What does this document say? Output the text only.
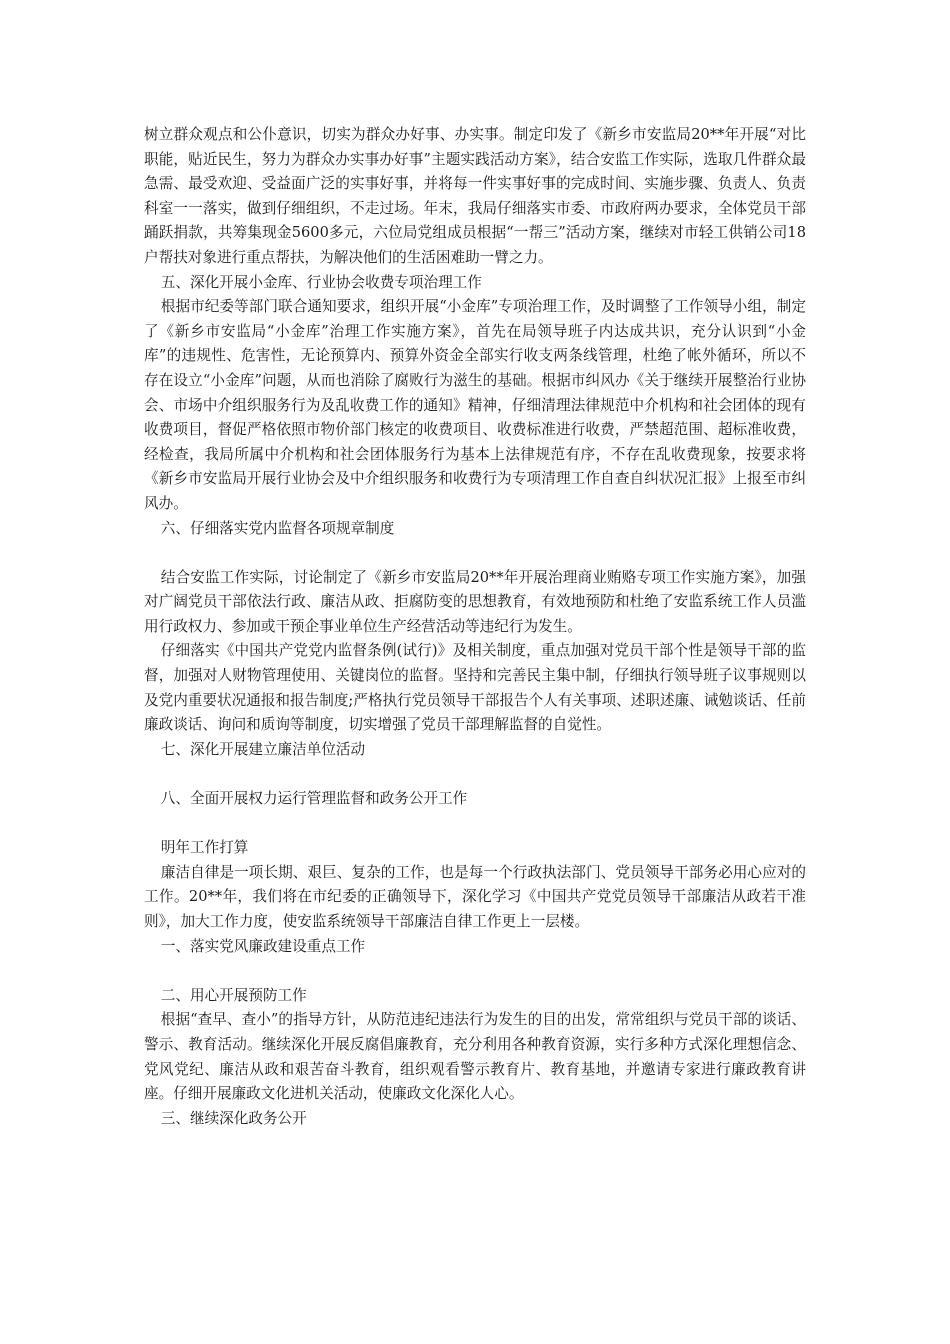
树立群众观点和公仆意识，切实为群众办好事、办实事。制定印发了《新乡市安监局20**年开展“对比职能，贴近民生，努力为群众办实事办好事”主题实践活动方案》，结合安监工作实际，选取几件群众最急需、最受欢迎、受益面广泛的实事好事，并将每一件实事好事的完成时间、实施步骤、负责人、负责科室一一落实，做到仔细组织，不走过场。年末，我局仔细落实市委、市政府两办要求，全体党员干部踊跃捐款，共筹集现金5600多元，六位局党组成员根据“一帮三”活动方案，继续对市轻工供销公司18户帮扶对象进行重点帮扶，为解决他们的生活困难助一臂之力。

五、深化开展小金库、行业协会收费专项治理工作

根据市纪委等部门联合通知要求，组织开展“小金库”专项治理工作，及时调整了工作领导小组，制定了《新乡市安监局“小金库”治理工作实施方案》，首先在局领导班子内达成共识，充分认识到“小金库”的违规性、危害性，无论预算内、预算外资金全部实行收支两条线管理，杜绝了帐外循环，所以不存在设立“小金库”问题，从而也消除了腐败行为滋生的基础。根据市纠风办《关于继续开展整治行业协会、市场中介组织服务行为及乱收费工作的通知》精神，仔细清理法律规范中介机构和社会团体的现有收费项目，督促严格依照市物价部门核定的收费项目、收费标准进行收费，严禁超范围、超标准收费，经检查，我局所属中介机构和社会团体服务行为基本上法律规范有序，不存在乱收费现象，按要求将《新乡市安监局开展行业协会及中介组织服务和收费行为专项清理工作自查自纠状况汇报》上报至市纠风办。

六、仔细落实党内监督各项规章制度

结合安监工作实际，讨论制定了《新乡市安监局20**年开展治理商业贿赂专项工作实施方案》，加强对广阔党员干部依法行政、廉洁从政、拒腐防变的思想教育，有效地预防和杜绝了安监系统工作人员滥用行政权力、参加或干预企事业单位生产经营活动等违纪行为发生。

仔细落实《中国共产党党内监督条例(试行)》及相关制度，重点加强对党员干部个性是领导干部的监督，加强对人财物管理使用、关键岗位的监督。坚持和完善民主集中制，仔细执行领导班子议事规则以及党内重要状况通报和报告制度;严格执行党员领导干部报告个人有关事项、述职述廉、诫勉谈话、任前廉政谈话、询问和质询等制度，切实增强了党员干部理解监督的自觉性。

七、深化开展建立廉洁单位活动

八、全面开展权力运行管理监督和政务公开工作

明年工作打算

廉洁自律是一项长期、艰巨、复杂的工作，也是每一个行政执法部门、党员领导干部务必用心应对的工作。20**年，我们将在市纪委的正确领导下，深化学习《中国共产党党员领导干部廉洁从政若干准则》，加大工作力度，使安监系统领导干部廉洁自律工作更上一层楼。

一、落实党风廉政建设重点工作

二、用心开展预防工作

根据“查早、查小”的指导方针，从防范违纪违法行为发生的目的出发，常常组织与党员干部的谈话、警示、教育活动。继续深化开展反腐倡廉教育，充分利用各种教育资源，实行多种方式深化理想信念、党风党纪、廉洁从政和艰苦奋斗教育，组织观看警示教育片、教育基地，并邀请专家进行廉政教育讲座。仔细开展廉政文化进机关活动，使廉政文化深化人心。

三、继续深化政务公开
